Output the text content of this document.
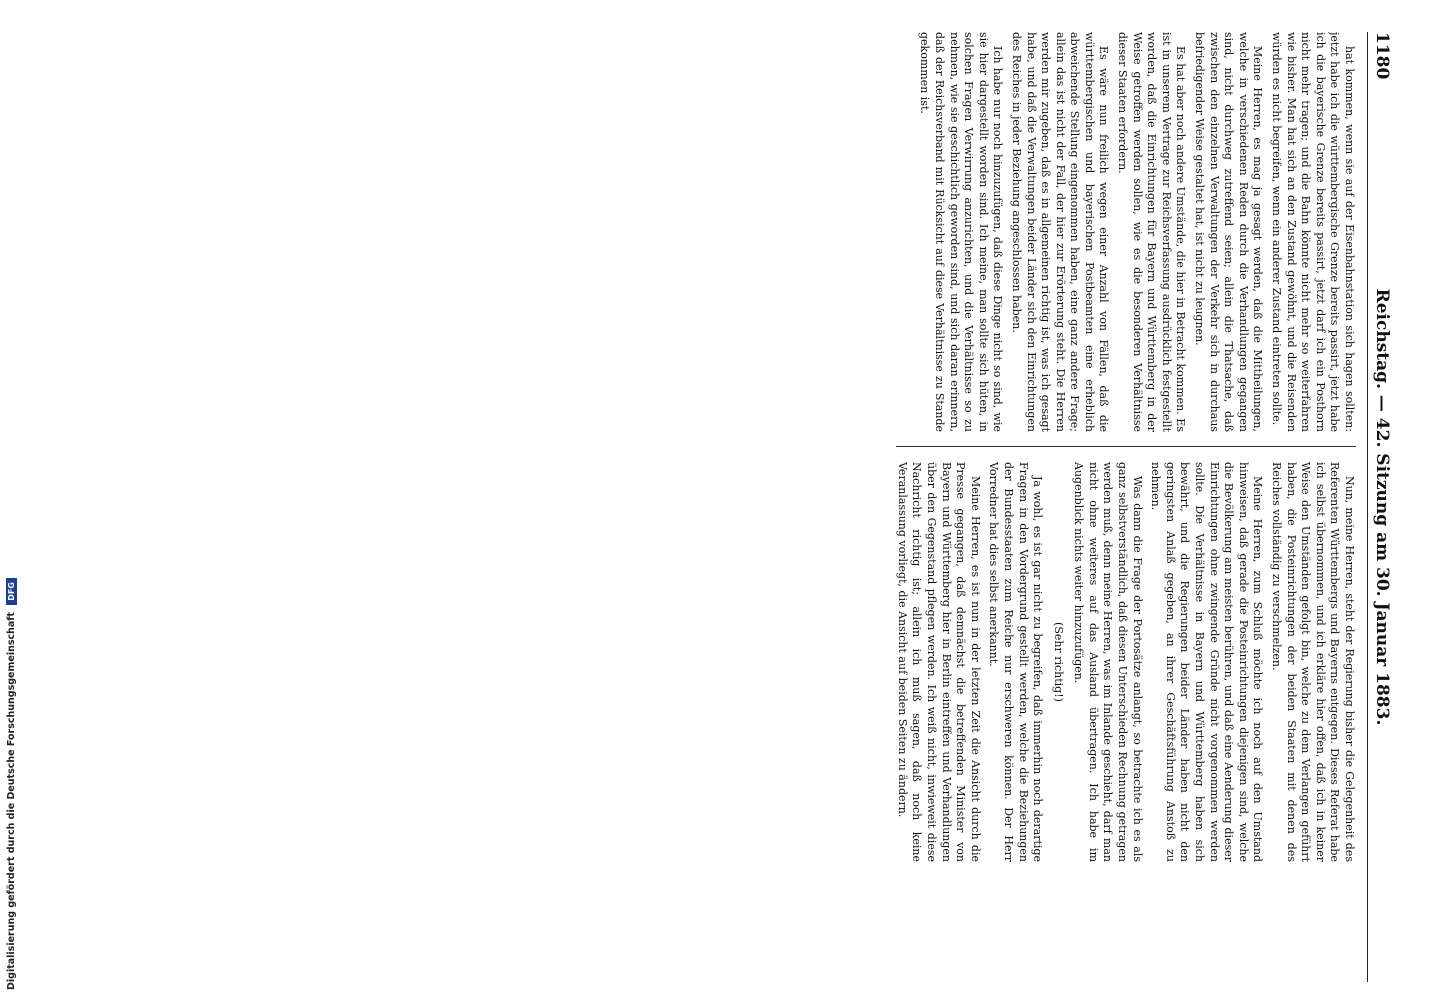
1180
Reichstag. — 42. Sitzung am 30. Januar 1883.

hat kommen, wenn sie auf der Eisenbahnstation sich hagen sollten: jetzt habe ich die württembergische Grenze bereits passirt, jetzt habe ich die bayerische Grenze bereits passirt, jetzt darf ich ein Posthorn nicht mehr tragen; und die Bahn könnte nicht mehr so weiterfahren wie bisher. Man hat sich an den Zustand gewöhnt, und die Reisenden würden es nicht begreifen, wenn ein anderer Zustand eintreten sollte.

Meine Herren, es mag ja gesagt werden, daß die Mittheilungen, welche in verschiedenen Reden durch die Verhandlungen gegangen sind, nicht durchweg zutreffend seien; allein die Thatsache, daß zwischen den einzelnen Verwaltungen der Verkehr sich in durchaus befriedigender Weise gestaltet hat, ist nicht zu leugnen.

Es hat aber noch andere Umstände, die hier in Betracht kommen. Es ist in unserem Vertrage zur Reichsverfassung ausdrücklich festgestellt worden, daß die Einrichtungen für Bayern und Württemberg in der Weise getroffen werden sollen, wie es die besonderen Verhältnisse dieser Staaten erfordern.

Es wäre nun freilich wegen einer Anzahl von Fällen, daß die württembergischen und bayerischen Postbeamten eine erheblich abweichende Stellung eingenommen haben, eine ganz andere Frage; allein das ist nicht der Fall, der hier zur Erörterung steht. Die Herren werden mir zugeben, daß es in allgemeinen richtig ist, was ich gesagt habe, und daß die Verwaltungen beider Länder sich den Einrichtungen des Reiches in jeder Beziehung angeschlossen haben.

Ich habe nur noch hinzuzufügen, daß diese Dinge nicht so sind, wie sie hier dargestellt worden sind. Ich meine, man sollte sich hüten, in solchen Fragen Verwirrung anzurichten, und die Verhältnisse so zu nehmen, wie sie geschichtlich geworden sind, und sich daran erinnern, daß der Reichsverband mit Rücksicht auf diese Verhältnisse zu Stande gekommen ist.

Nun, meine Herren, steht der Regierung bisher die Gelegenheit des Referenten Württembergs und Bayerns entgegen. Dieses Referat habe ich selbst übernommen, und ich erkläre hier offen, daß ich in keiner Weise den Umständen gefolgt bin, welche zu dem Verlangen geführt haben, die Posteinrichtungen der beiden Staaten mit denen des Reiches vollständig zu verschmelzen.

Meine Herren, zum Schluß möchte ich noch auf den Umstand hinweisen, daß gerade die Posteinrichtungen diejenigen sind, welche die Bevölkerung am meisten berühren, und daß eine Aenderung dieser Einrichtungen ohne zwingende Gründe nicht vorgenommen werden sollte. Die Verhältnisse in Bayern und Württemberg haben sich bewährt, und die Regierungen beider Länder haben nicht den geringsten Anlaß gegeben, an ihrer Geschäftsführung Anstoß zu nehmen.

Was dann die Frage der Portosätze anlangt, so betrachte ich es als ganz selbstverständlich, daß diesen Unterschieden Rechnung getragen werden muß, denn meine Herren, was im Inlande geschieht, darf man nicht ohne weiteres auf das Ausland übertragen. Ich habe im Augenblick nichts weiter hinzuzufügen.

(Sehr richtig!)

Ja wohl, es ist gar nicht zu begreifen, daß immerhin noch derartige Fragen in den Vordergrund gestellt werden, welche die Beziehungen der Bundesstaaten zum Reiche nur erschweren können. Der Herr Vorredner hat dies selbst anerkannt.

Meine Herren, es ist nun in der letzten Zeit die Ansicht durch die Presse gegangen, daß demnächst die betreffenden Minister von Bayern und Württemberg hier in Berlin eintreffen und Verhandlungen über den Gegenstand pflegen werden. Ich weiß nicht, inwieweit diese Nachricht richtig ist; allein ich muß sagen, daß noch keine Veranlassung vorliegt, die Ansicht auf beiden Seiten zu ändern.

Digitalisierung gefördert durch die Deutsche Forschungsgemeinschaft DFG
